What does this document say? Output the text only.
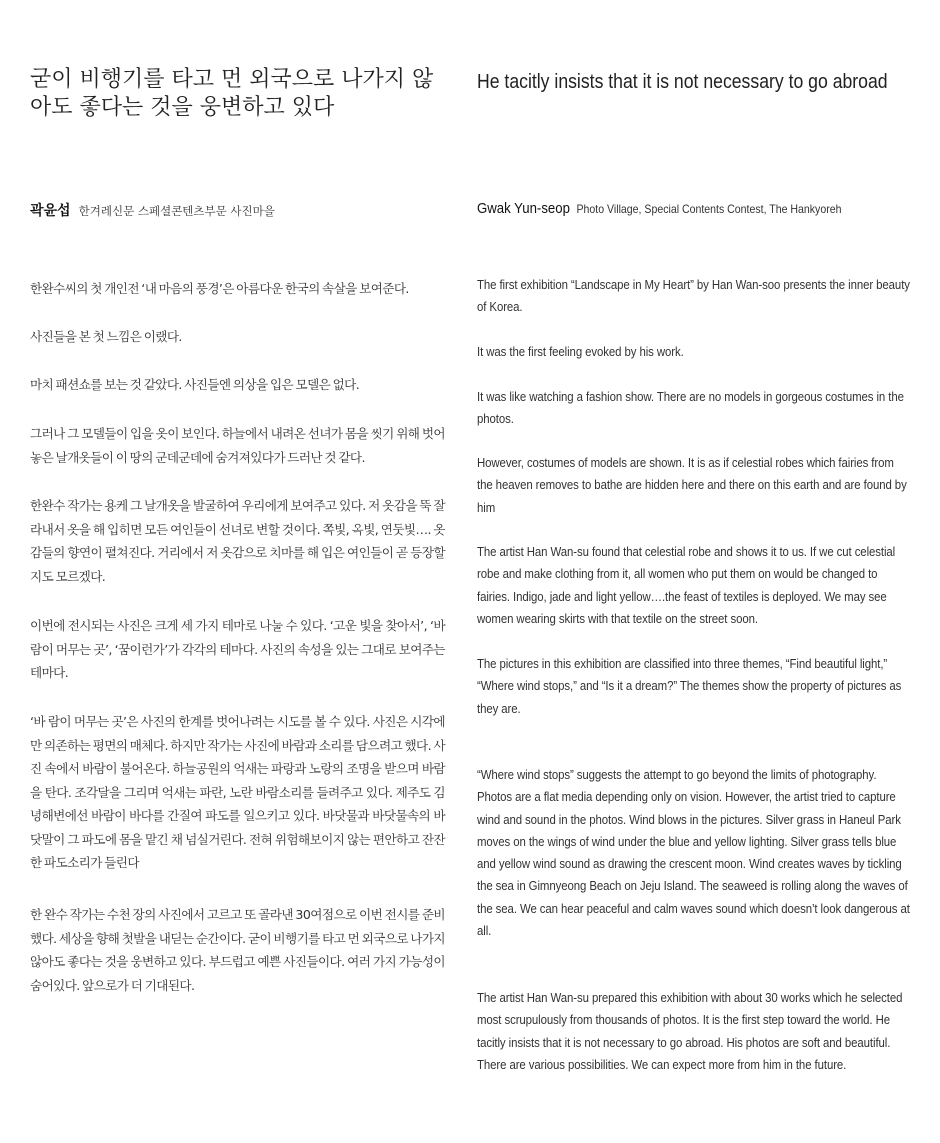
굳이 비행기를 타고 먼 외국으로 나가지 않아도 좋다는 것을 웅변하고 있다
곽윤섭 한겨레신문 스페셜콘텐츠부문 사진마을

한완수씨의 첫 개인전 ‘내 마음의 풍경’은 아름다운 한국의 속살을 보여준다.

사진들을 본 첫 느낌은 이랬다.

마치 패션쇼를 보는 것 같았다. 사진들엔 의상을 입은 모델은 없다.

그러나 그 모델들이 입을 옷이 보인다. 하늘에서 내려온 선녀가 몸을 씻기 위해 벗어놓은 날개옷들이 이 땅의 군데군데에 숨겨져있다가 드러난 것 같다.

한완수 작가는 용케 그 날개옷을 발굴하여 우리에게 보여주고 있다. 저 옷감을 뚝 잘라내서 옷을 해 입히면 모든 여인들이 선녀로 변할 것이다. 쪽빛, 옥빛, 연둣빛…. 옷감들의 향연이 펼쳐진다. 거리에서 저 옷감으로 치마를 해 입은 여인들이 곧 등장할 지도 모르겠다.

이번에 전시되는 사진은 크게 세 가지 테마로 나눌 수 있다. ‘고운 빛을 찾아서’, ‘바람이 머무는 곳’, ‘꿈이런가’가 각각의 테마다. 사진의 속성을 있는 그대로 보여주는 테마다.

‘바 람이 머무는 곳’은 사진의 한계를 벗어나려는 시도를 볼 수 있다. 사진은 시각에만 의존하는 평면의 매체다. 하지만 작가는 사진에 바람과 소리를 담으려고 했다. 사진 속에서 바람이 불어온다. 하늘공원의 억새는 파랑과 노랑의 조명을 받으며 바람을 탄다. 조각달을 그리며 억새는 파란, 노란 바람소리를 들려주고 있다. 제주도 김녕해변에선 바람이 바다를 간질여 파도를 일으키고 있다. 바닷물과 바닷물속의 바닷말이 그 파도에 몸을 맡긴 채 넘실거린다. 전혀 위험해보이지 않는 편안하고 잔잔한 파도소리가 들린다

한 완수 작가는 수천 장의 사진에서 고르고 또 골라낸 30여점으로 이번 전시를 준비했다. 세상을 향해 첫발을 내딛는 순간이다. 굳이 비행기를 타고 먼 외국으로 나가지 않아도 좋다는 것을 웅변하고 있다. 부드럽고 예쁜 사진들이다. 여러 가지 가능성이 숨어있다. 앞으로가 더 기대된다.

He tacitly insists that it is not necessary to go abroad
Gwak Yun-seop Photo Village, Special Contents Contest, The Hankyoreh

The first exhibition “Landscape in My Heart” by Han Wan-soo presents the inner beauty of Korea.

It was the first feeling evoked by his work.

It was like watching a fashion show. There are no models in gorgeous costumes in the photos.

However, costumes of models are shown. It is as if celestial robes which fairies from the heaven removes to bathe are hidden here and there on this earth and are found by him

The artist Han Wan-su found that celestial robe and shows it to us. If we cut celestial robe and make clothing from it, all women who put them on would be changed to fairies. Indigo, jade and light yellow….the feast of textiles is deployed. We may see women wearing skirts with that textile on the street soon.

The pictures in this exhibition are classified into three themes, “Find beautiful light,” “Where wind stops,” and “Is it a dream?” The themes show the property of pictures as they are.

“Where wind stops” suggests the attempt to go beyond the limits of photography. Photos are a flat media depending only on vision. However, the artist tried to capture wind and sound in the photos. Wind blows in the pictures. Silver grass in Haneul Park moves on the wings of wind under the blue and yellow lighting. Silver grass tells blue and yellow wind sound as drawing the crescent moon. Wind creates waves by tickling the sea in Gimnyeong Beach on Jeju Island. The seaweed is rolling along the waves of the sea. We can hear peaceful and calm waves sound which doesn’t look dangerous at all.

The artist Han Wan-su prepared this exhibition with about 30 works which he selected most scrupulously from thousands of photos. It is the first step toward the world. He tacitly insists that it is not necessary to go abroad. His photos are soft and beautiful. There are various possibilities. We can expect more from him in the future.
